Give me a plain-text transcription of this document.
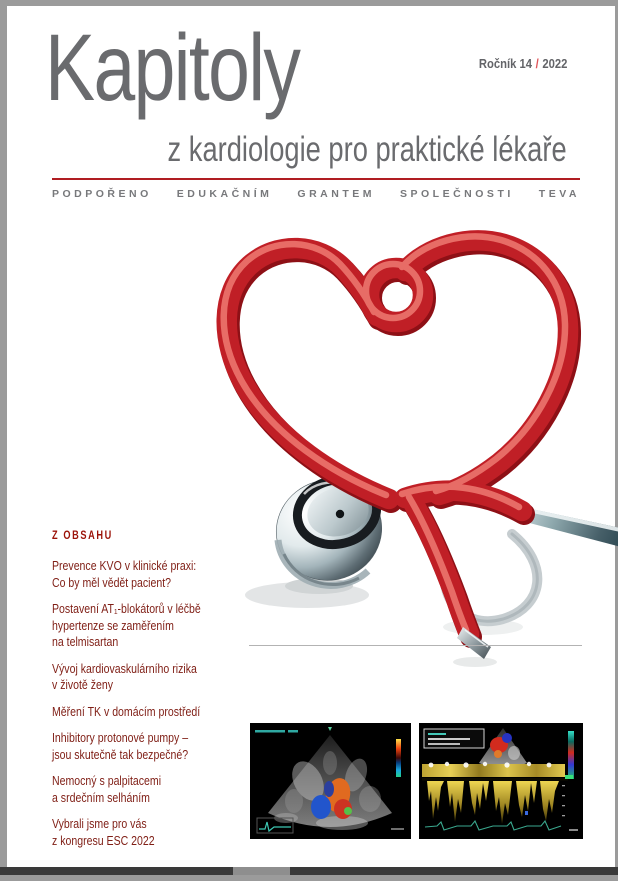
Kapitoly	Ročník 14 / 2022
z kardiologie pro praktické lékaře
PODPOŘENO EDUKAČNÍM GRANTEM SPOLEČNOSTI TEVA
Z OBSAHU
Prevence KVO v klinické praxi:
Co by měl vědět pacient?
Postavení AT₁-blokátorů v léčbě
hypertenze se zaměřením
na telmisartan
Vývoj kardiovaskulárního rizika
v životě ženy
Měření TK v domácím prostředí
Inhibitory protonové pumpy –
jsou skutečně tak bezpečné?
Nemocný s palpitacemi
a srdečním selháním
Vybrali jsme pro vás
z kongresu ESC 2022
